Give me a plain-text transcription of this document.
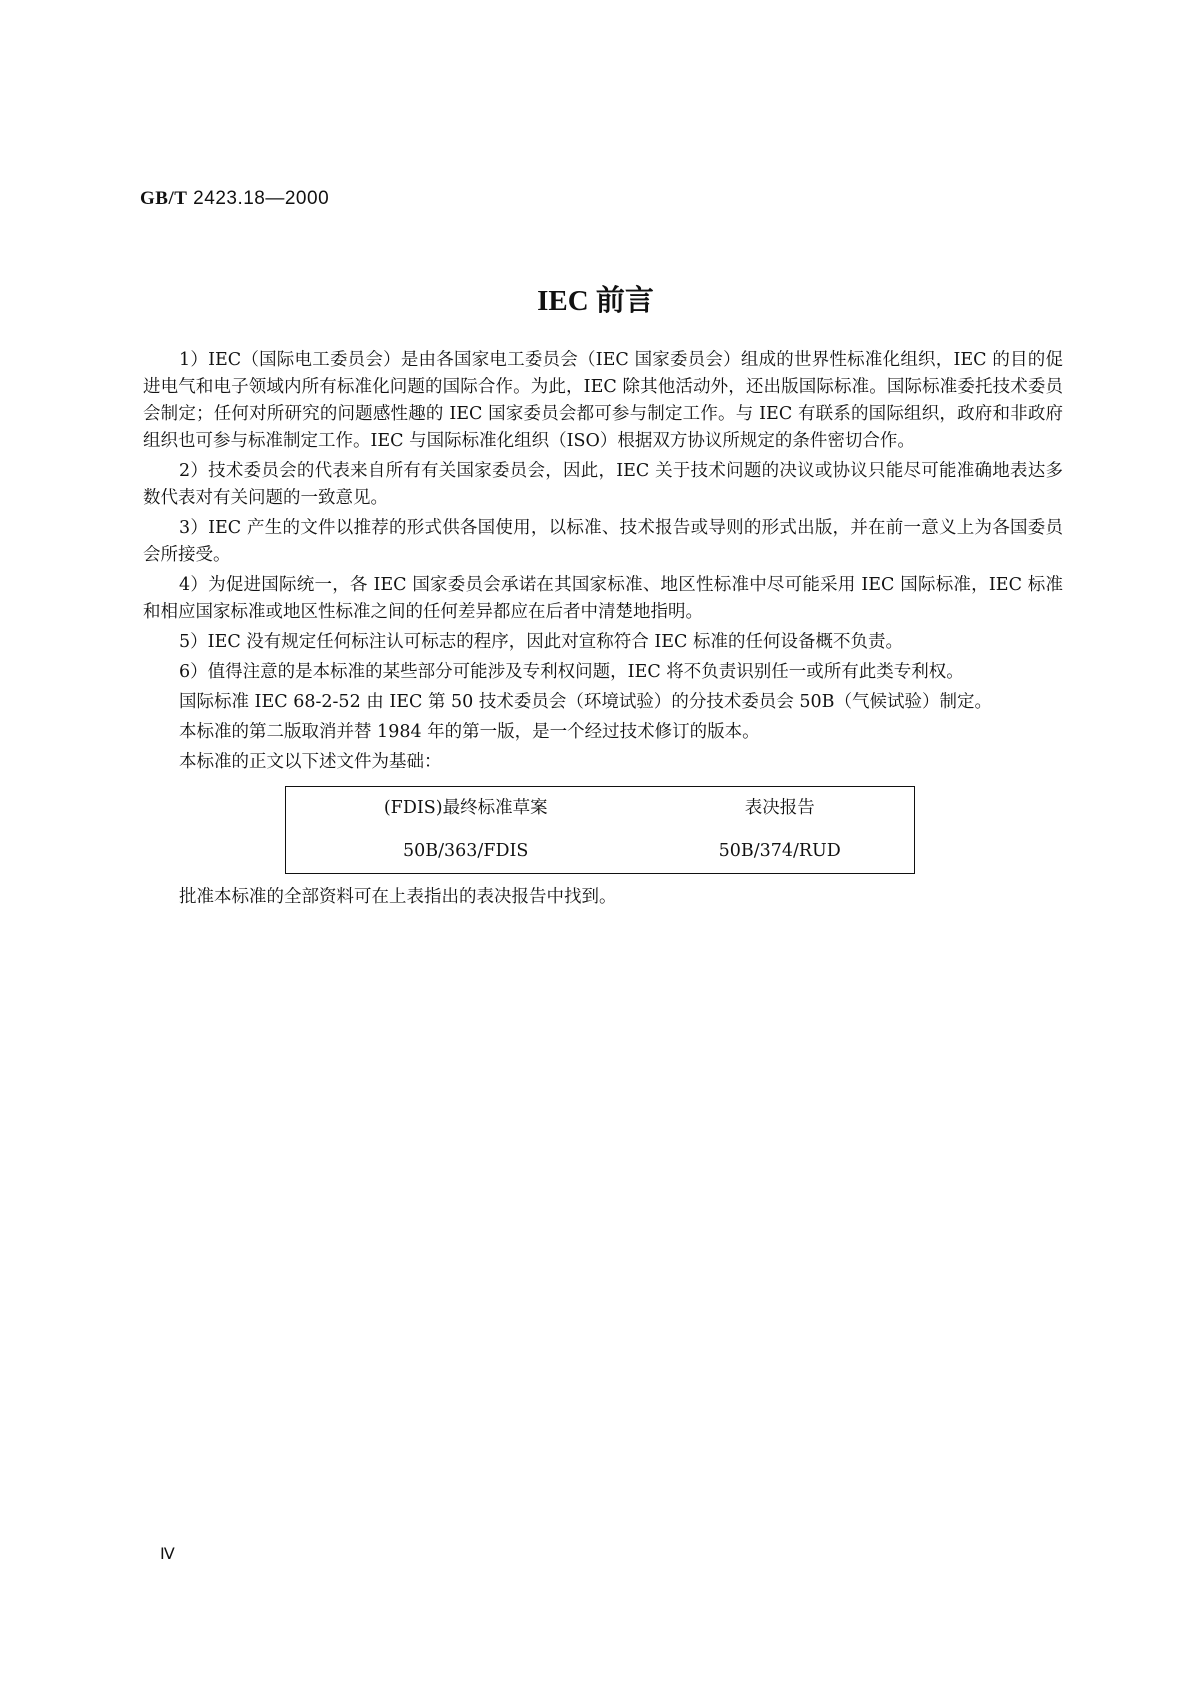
GB/T 2423.18—2000
IEC 前言

1）IEC（国际电工委员会）是由各国家电工委员会（IEC 国家委员会）组成的世界性标准化组织，IEC 的目的促进电气和电子领域内所有标准化问题的国际合作。为此，IEC 除其他活动外，还出版国际标准。国际标准委托技术委员会制定；任何对所研究的问题感性趣的 IEC 国家委员会都可参与制定工作。与 IEC 有联系的国际组织，政府和非政府组织也可参与标准制定工作。IEC 与国际标准化组织（ISO）根据双方协议所规定的条件密切合作。

2）技术委员会的代表来自所有有关国家委员会，因此，IEC 关于技术问题的决议或协议只能尽可能准确地表达多数代表对有关问题的一致意见。

3）IEC 产生的文件以推荐的形式供各国使用，以标准、技术报告或导则的形式出版，并在前一意义上为各国委员会所接受。

4）为促进国际统一，各 IEC 国家委员会承诺在其国家标准、地区性标准中尽可能采用 IEC 国际标准，IEC 标准和相应国家标准或地区性标准之间的任何差异都应在后者中清楚地指明。

5）IEC 没有规定任何标注认可标志的程序，因此对宣称符合 IEC 标准的任何设备概不负责。

6）值得注意的是本标准的某些部分可能涉及专利权问题，IEC 将不负责识别任一或所有此类专利权。

国际标准 IEC 68-2-52 由 IEC 第 50 技术委员会（环境试验）的分技术委员会 50B（气候试验）制定。

本标准的第二版取消并替 1984 年的第一版，是一个经过技术修订的版本。

本标准的正文以下述文件为基础：

(FDIS)最终标准草案	表决报告
50B/363/FDIS	50B/374/RUD

批准本标准的全部资料可在上表指出的表决报告中找到。

Ⅳ
